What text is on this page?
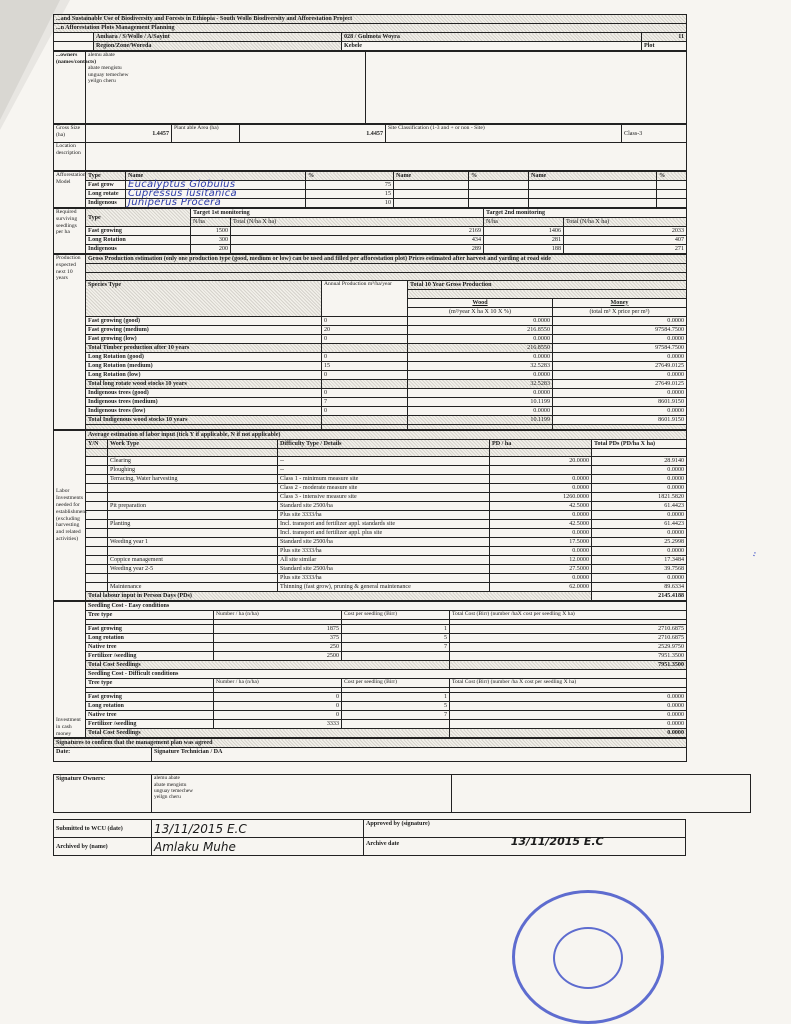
...and Sustainable Use of Biodiversity and Forests in Ethiopia - South Wollo Biodiversity and Afforestation Project			
...n Afforestation Plots Management Planning			
	Amhara / S/Wollo / A/Sayint	028 / Gulmota Woyra	11
	Region/Zone/Woreda	Kebele	Plot
...owners (names/contacts)	
alemu abate
abate mengistu
unguay temechew
yeilgn cheru

Gross Size (ha)	1.4457	Plant able Area (ha)	1.4457	Site Classification (1-3 and + or non - Site)	Class-3
Location description					
Afforestation Model	Type	Name	%	Name	%	Name	%
	Fast grow	Eucalyptus Globulus	75				
	Long rotate	Cupressus lusitanica	15				
	Indigenous	Juniperus Procera	10				
Required surviving seedlings per ha	Type	Target 1st monitoring		Target 2nd monitoring	
		N/ha	Total (N/ha X ha)	N/ha	Total (N/ha X ha)
	Fast growing	1500	2169	1406	2033
	Long Rotation	300	434	281	407
	Indigenous	200	289	188	271
Production expected next 10 years	Gross Production estimation (only one production type (good, medium or low) can be used and filled per afforestation plot) Prices estimated after harvest and yarding at road side			

	Species Type	Annual Production m³/ha/year	Total 10 Year Gross Production	

			Wood	Money
			(m³/year X ha X 10 X %)	(total m³ X price per m³)
	Fast growing (good)	0	0.0000	0.0000
	Fast growing (medium)	20	216.8550	97584.7500
	Fast growing (low)	0	0.0000	0.0000
	Total Timber production after 10 years		216.8550	97584.7500
	Long Rotation (good)	0	0.0000	0.0000
	Long Rotation (medium)	15	32.5283	27649.0125
	Long Rotation (low)	0	0.0000	0.0000
	Total long rotate wood stocks 10 years		32.5283	27649.0125
	Indigenous trees (good)	0	0.0000	0.0000
	Indigenous trees (medium)	7	10.1199	8601.9150
	Indigenous trees (low)	0	0.0000	0.0000
	Total Indigenous wood stocks 10 years		10.1199	8601.9150

Labor Investments needed for establishment (excluding harvesting and related activities)	Average estimation of labor input (tick Y if applicable, N if not applicable)				
	Y/N	Work Type	Difficulty Type / Details	PD / ha	Total PDs (PD/ha X ha)

		Clearing	--	20.0000	28.9140
		Ploughing	--		0.0000
		Terracing, Water harvesting	Class 1 - minimum measure site	0.0000	0.0000
			Class 2 - moderate measure site	0.0000	0.0000
			Class 3 - intensive measure site	1260.0000	1821.5820
		Pit preparation	Standard site 2500/ha	42.5000	61.4423
			Plus site 3333/ha	0.0000	0.0000
		Planting	Incl. transport and fertilizer appl. standards site	42.5000	61.4423
			Incl. transport and fertilizer appl. plus site	0.0000	0.0000
		Weeding year 1	Standard site 2500/ha	17.5000	25.2998
			Plus site 3333/ha	0.0000	0.0000
		Coppice management	All site similar	12.0000	17.3484
		Weeding year 2-5	Standard site 2500/ha	27.5000	39.7568
			Plus site 3333/ha	0.0000	0.0000
		Maintenance	Thinning (fast grow), pruning & general maintenance	62.0000	89.6334
	Total labour input in Person Days (PDs)				2145.4188
Investment in cash money	Seedling Cost - Easy conditions			
	Tree type	Number / ha (n/ha)	Cost per seedling (Birr)	Total Cost (Birr) (number /haX cost per seedling X ha)

	Fast growing	1875	1	2710.6875
	Long rotation	375	5	2710.6875
	Native tree	250	7	2529.9750
	Fertilizer /seedling	2500		7951.3500
	Total Cost Seedlings			7951.3500
	Seedling Cost - Difficult conditions			
	Tree type	Number / ha (n/ha)	Cost per seedling (Birr)	Total Cost (Birr) (number /ha X cost per seedling X ha)

	Fast growing	0	1	0.0000
	Long rotation	0	5	0.0000
	Native tree	0	7	0.0000
	Fertilizer /seedling	3333		0.0000
	Total Cost Seedlings			0.0000
Signatures to confirm that the management plan was agreed
Date:	Signature Technician / DA
Signature Owners:	alemu abate
abate mengistu
unguay temechew
yeilgn cheru

Submitted to WCU (date)	13/11/2015 E.C	Approved by (signature)
Archived by (name)	Amlaku Muhe	Archive date 13/11/2015 E.C
ᐧᐧ
